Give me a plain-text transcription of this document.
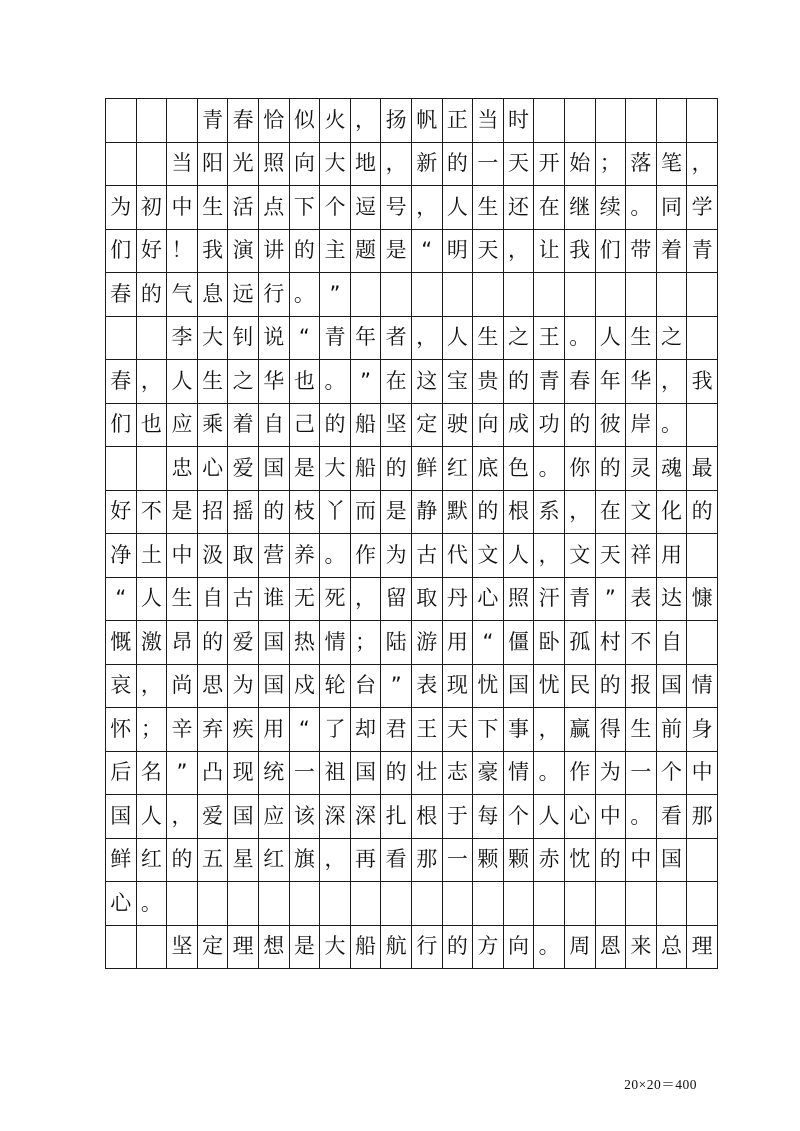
			青	春	恰	似	火	，	扬	帆	正	当	时						
		当	阳	光	照	向	大	地	，	新	的	一	天	开	始	；	落	笔	，
为	初	中	生	活	点	下	个	逗	号	，	人	生	还	在	继	续	。	同	学
们	好	！	我	演	讲	的	主	题	是	“	明	天	，	让	我	们	带	着	青
春	的	气	息	远	行	。	”												
		李	大	钊	说	“	青	年	者	，	人	生	之	王	。	人	生	之	
春	，	人	生	之	华	也	。	”	在	这	宝	贵	的	青	春	年	华	，	我
们	也	应	乘	着	自	己	的	船	坚	定	驶	向	成	功	的	彼	岸	。	
		忠	心	爱	国	是	大	船	的	鲜	红	底	色	。	你	的	灵	魂	最
好	不	是	招	摇	的	枝	丫	而	是	静	默	的	根	系	，	在	文	化	的
净	土	中	汲	取	营	养	。	作	为	古	代	文	人	，	文	天	祥	用	
“	人	生	自	古	谁	无	死	，	留	取	丹	心	照	汗	青	”	表	达	慷
慨	激	昂	的	爱	国	热	情	；	陆	游	用	“	僵	卧	孤	村	不	自	
哀	，	尚	思	为	国	戍	轮	台	”	表	现	忧	国	忧	民	的	报	国	情
怀	；	辛	弃	疾	用	“	了	却	君	王	天	下	事	，	赢	得	生	前	身
后	名	”	凸	现	统	一	祖	国	的	壮	志	豪	情	。	作	为	一	个	中
国	人	，	爱	国	应	该	深	深	扎	根	于	每	个	人	心	中	。	看	那
鲜	红	的	五	星	红	旗	，	再	看	那	一	颗	颗	赤	忱	的	中	国	
心	。																		
		坚	定	理	想	是	大	船	航	行	的	方	向	。	周	恩	来	总	理
20×20＝400
